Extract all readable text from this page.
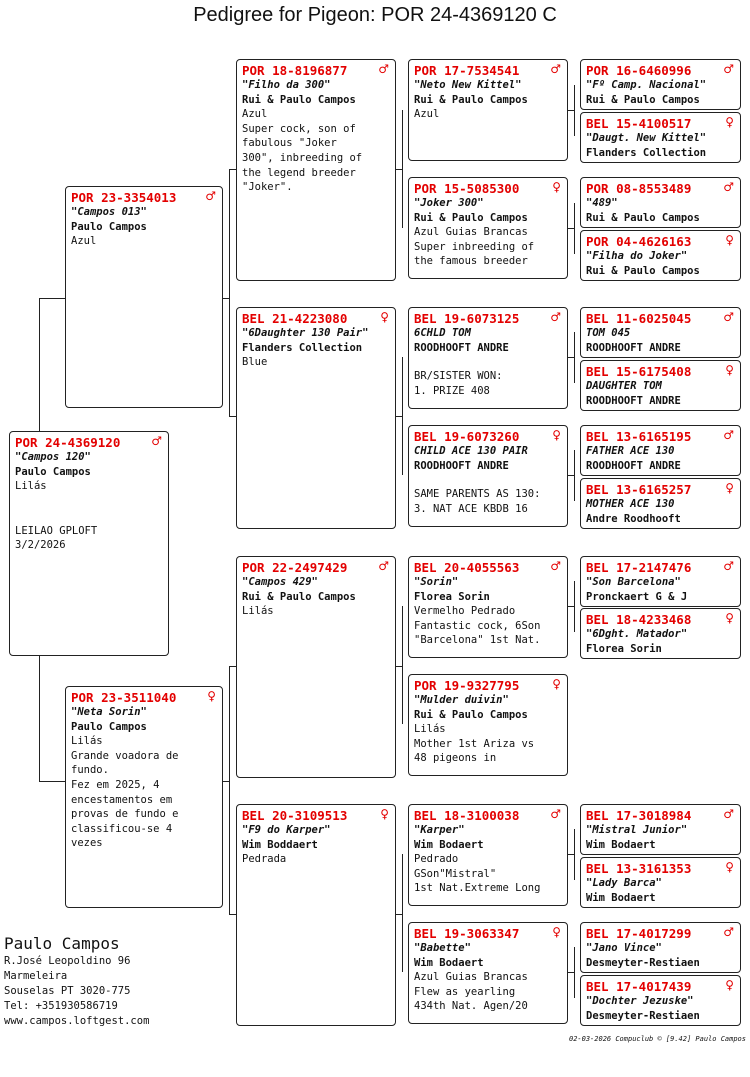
Pedigree for Pigeon: POR 24-4369120 C
POR 24-4369120	♂
"Campos 120"
Paulo Campos
Lilás
LEILAO GPLOFT
3/2/2026
POR 23-3354013	♂
"Campos 013"
Paulo Campos
Azul
POR 23-3511040	♀
"Neta Sorin"
Paulo Campos
Lilás
Grande voadora de
fundo.
Fez em 2025, 4
encestamentos em
provas de fundo e
classificou-se 4
vezes
POR 18-8196877	♂
"Filho da 300"
Rui & Paulo Campos
Azul
Super cock, son of
fabulous "Joker
300", inbreeding of
the legend breeder
"Joker".
BEL 21-4223080	♀
"6Daughter 130 Pair"
Flanders Collection
Blue
POR 22-2497429	♂
"Campos 429"
Rui & Paulo Campos
Lilás
BEL 20-3109513	♀
"F9 do Karper"
Wim Boddaert
Pedrada
POR 17-7534541	♂
"Neto New Kittel"
Rui & Paulo Campos
Azul
POR 15-5085300	♀
"Joker 300"
Rui & Paulo Campos
Azul Guias Brancas
Super inbreeding of
the famous breeder
BEL 19-6073125	♂
6CHLD TOM
ROODHOOFT ANDRE
BR/SISTER WON:
1. PRIZE 408
BEL 19-6073260	♀
CHILD ACE 130 PAIR
ROODHOOFT ANDRE
SAME PARENTS AS 130:
3. NAT ACE KBDB 16
BEL 20-4055563	♂
"Sorin"
Florea Sorin
Vermelho Pedrado
Fantastic cock, 6Son
"Barcelona" 1st Nat.
POR 19-9327795	♀
"Mulder duivin"
Rui & Paulo Campos
Lilás
Mother 1st Ariza vs
48 pigeons in
BEL 18-3100038	♂
"Karper"
Wim Bodaert
Pedrado
GSon"Mistral"
1st Nat.Extreme Long
BEL 19-3063347	♀
"Babette"
Wim Bodaert
Azul Guias Brancas
Flew as yearling
434th Nat. Agen/20
POR 16-6460996	♂
"Fº Camp. Nacional"
Rui & Paulo Campos
BEL 15-4100517	♀
"Daugt. New Kittel"
Flanders Collection
POR 08-8553489	♂
"489"
Rui & Paulo Campos
POR 04-4626163	♀
"Filha do Joker"
Rui & Paulo Campos
BEL 11-6025045	♂
TOM 045
ROODHOOFT ANDRE
BEL 15-6175408	♀
DAUGHTER TOM
ROODHOOFT ANDRE
BEL 13-6165195	♂
FATHER ACE 130
ROODHOOFT ANDRE
BEL 13-6165257	♀
MOTHER ACE 130
Andre Roodhooft
BEL 17-2147476	♂
"Son Barcelona"
Pronckaert G & J
BEL 18-4233468	♀
"6Dght. Matador"
Florea Sorin
BEL 17-3018984	♂
"Mistral Junior"
Wim Bodaert
BEL 13-3161353	♀
"Lady Barca"
Wim Bodaert
BEL 17-4017299	♂
"Jano Vince"
Desmeyter-Restiaen
BEL 17-4017439	♀
"Dochter Jezuske"
Desmeyter-Restiaen
Paulo Campos
R.José Leopoldino 96
Marmeleira
Souselas PT 3020-775
Tel: +351930586719
www.campos.loftgest.com
02-03-2026 Compuclub © [9.42] Paulo Campos
